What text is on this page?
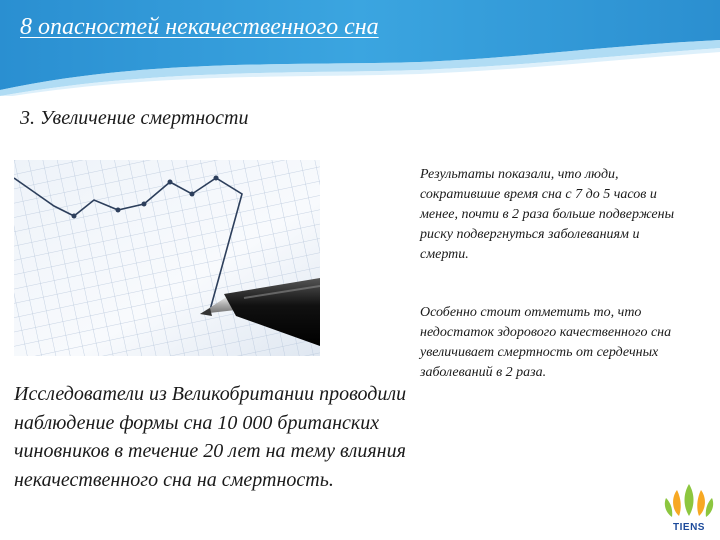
8 опасностей некачественного сна
3. Увеличение смертности

Результаты показали, что люди, сократившие время сна с 7 до 5 часов и менее, почти в 2 раза больше подвержены риску подвергнуться заболеваниям и смерти.

Особенно стоит отметить то, что недостаток здорового качественного сна увеличивает смертность от сердечных заболеваний в 2 раза.

Исследователи из Великобритании проводили наблюдение формы сна 10 000 британских чиновников в течение 20 лет на тему влияния некачественного сна на смертность.

TIENS
